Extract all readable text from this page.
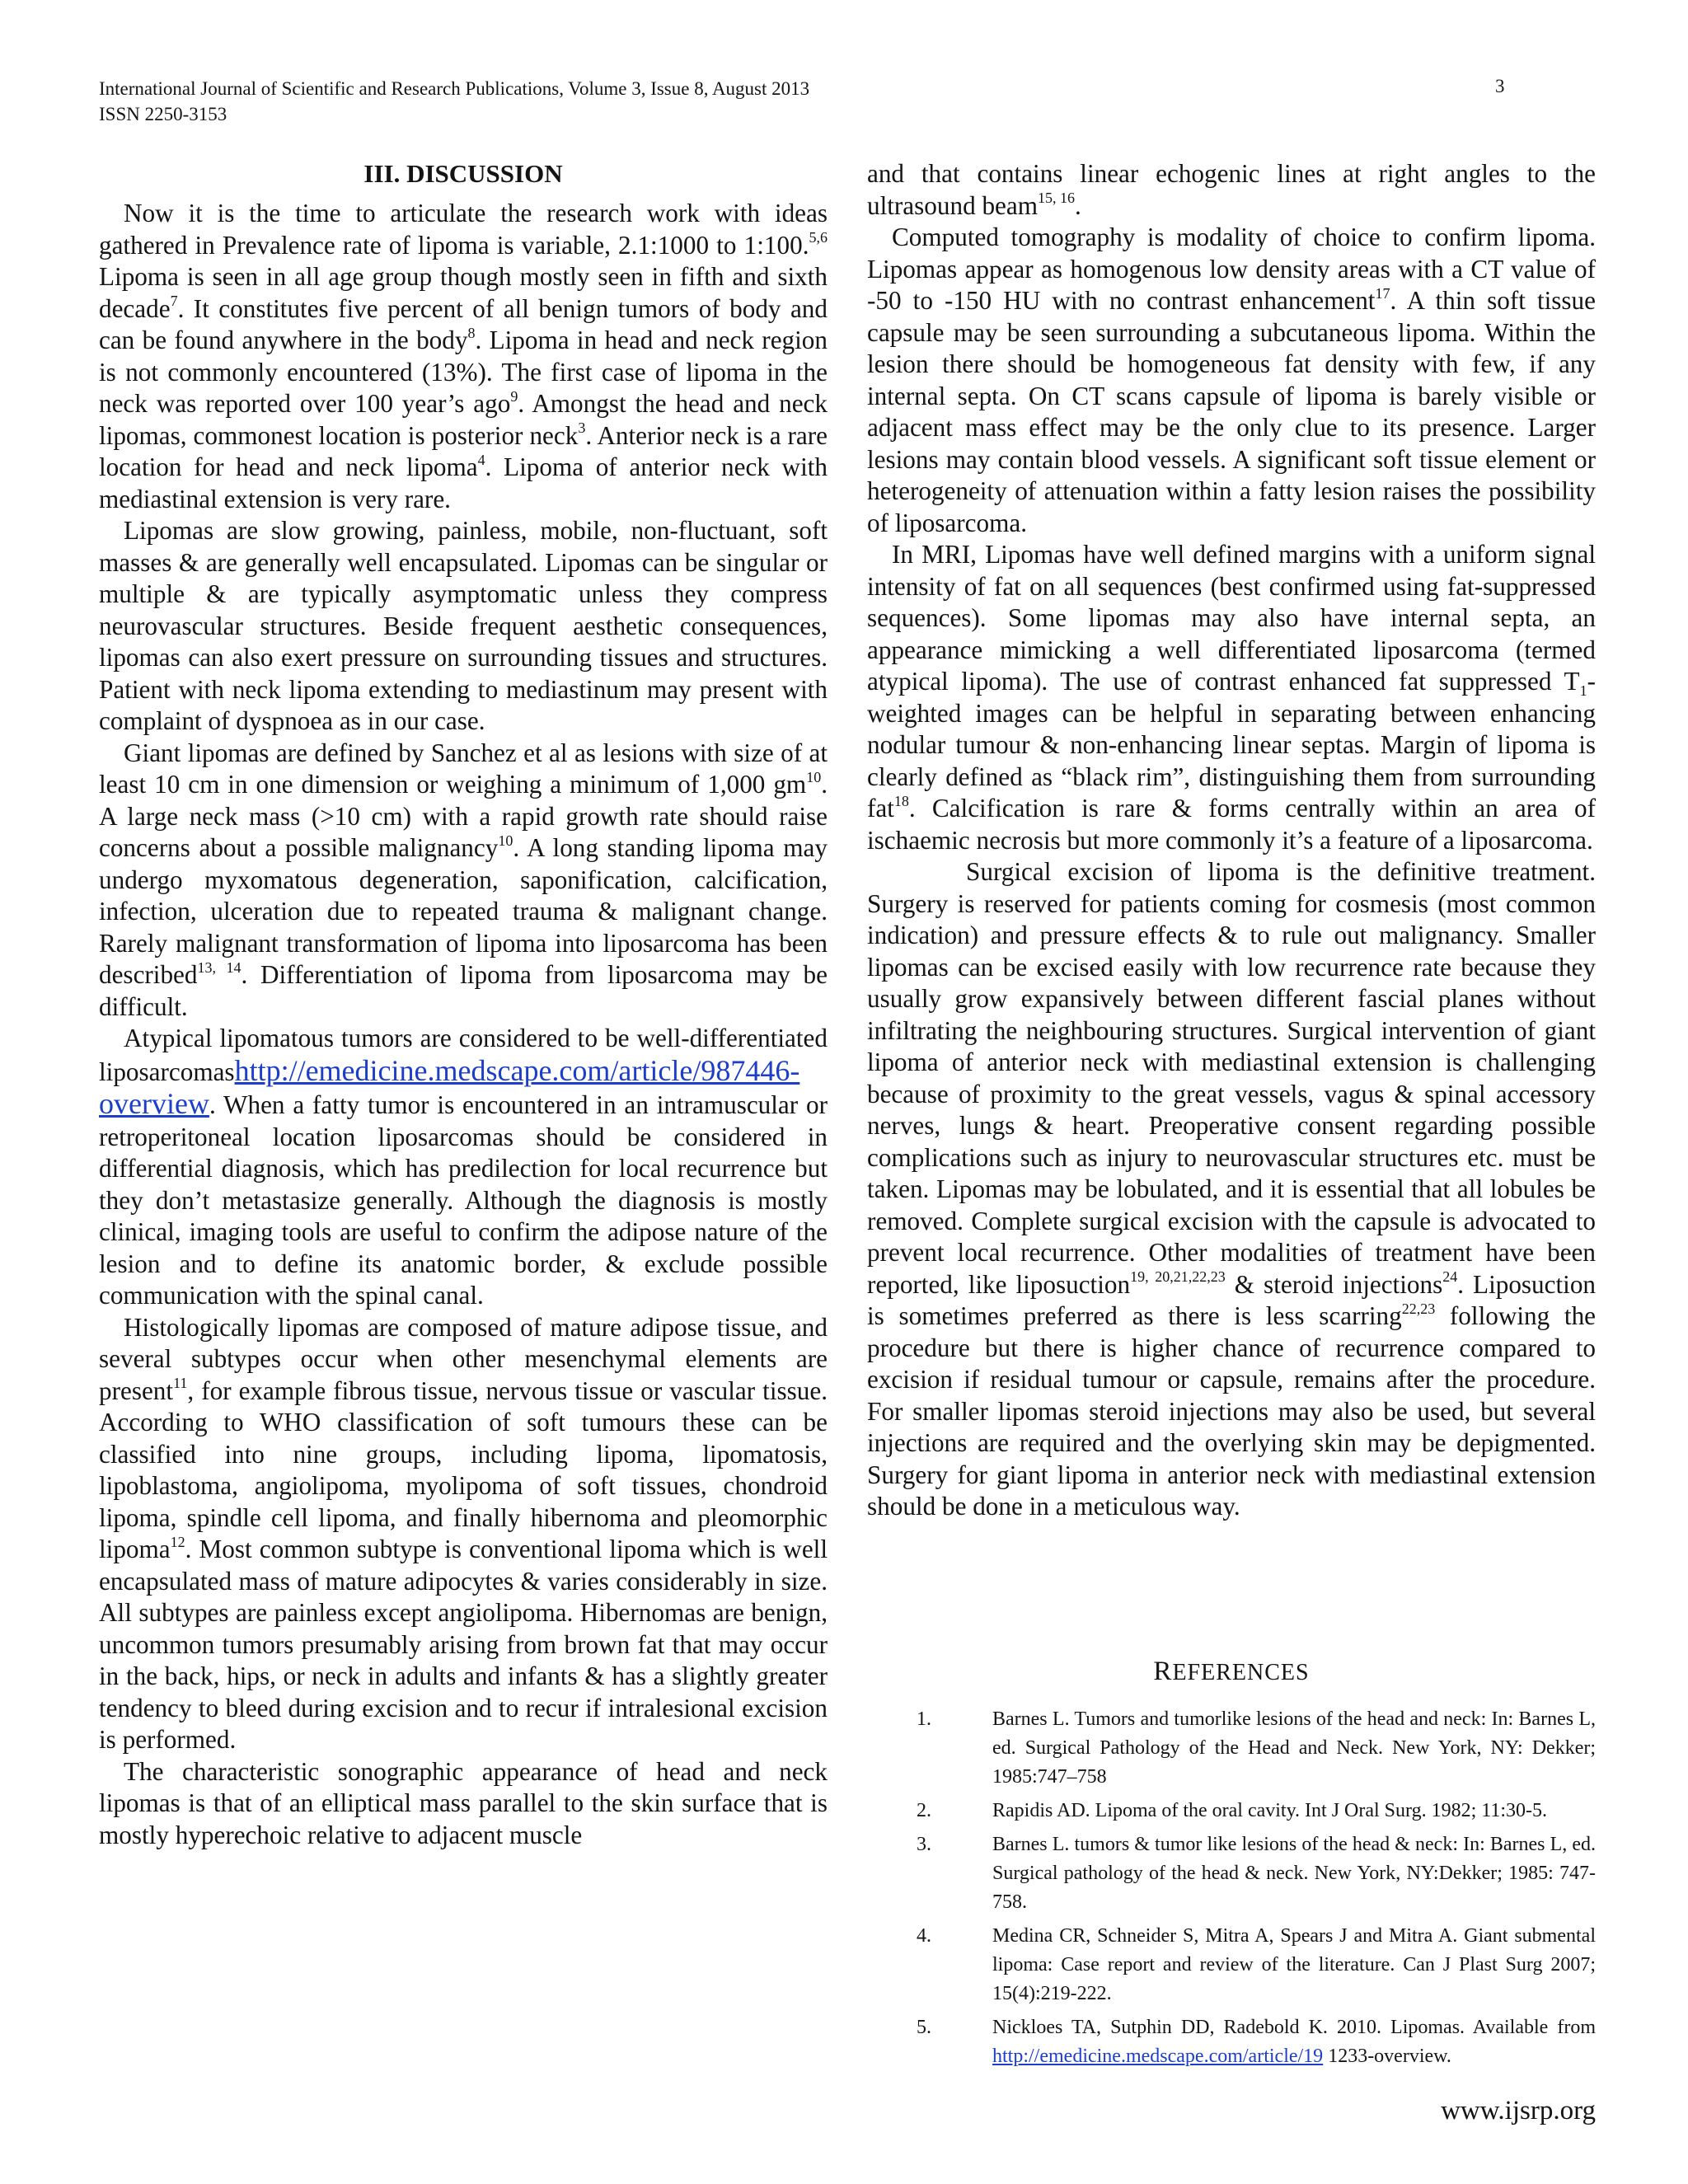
International Journal of Scientific and Research Publications, Volume 3, Issue 8, August 2013
ISSN 2250-3153
3
III. DISCUSSION

Now it is the time to articulate the research work with ideas gathered in Prevalence rate of lipoma is variable, 2.1:1000 to 1:100.$^{5,6}$ Lipoma is seen in all age group though mostly seen in fifth and sixth decade$^7$. It constitutes five percent of all benign tumors of body and can be found anywhere in the body$^8$. Lipoma in head and neck region is not commonly encountered (13%). The first case of lipoma in the neck was reported over 100 year’s ago$^9$. Amongst the head and neck lipomas, commonest location is posterior neck$^3$. Anterior neck is a rare location for head and neck lipoma$^4$. Lipoma of anterior neck with mediastinal extension is very rare.

Lipomas are slow growing, painless, mobile, non-fluctuant, soft masses & are generally well encapsulated. Lipomas can be singular or multiple & are typically asymptomatic unless they compress neurovascular structures. Beside frequent aesthetic consequences, lipomas can also exert pressure on surrounding tissues and structures. Patient with neck lipoma extending to mediastinum may present with complaint of dyspnoea as in our case.

Giant lipomas are defined by Sanchez et al as lesions with size of at least 10 cm in one dimension or weighing a minimum of 1,000 $gm^{10}$. A large neck mass (>10 cm) with a rapid growth rate should raise concerns about a possible malignancy$^{10}$. A long standing lipoma may undergo myxomatous degeneration, saponification, calcification, infection, ulceration due to repeated trauma & malignant change. Rarely malignant transformation of lipoma into liposarcoma has been described$^{13, 14}$. Differentiation of lipoma from liposarcoma may be difficult.

Atypical lipomatous tumors are considered to be well-differentiated liposarcomashttp://emedicine.medscape.com/article/987446-overview. When a fatty tumor is encountered in an intramuscular or retroperitoneal location liposarcomas should be considered in differential diagnosis, which has predilection for local recurrence but they don’t metastasize generally. Although the diagnosis is mostly clinical, imaging tools are useful to confirm the adipose nature of the lesion and to define its anatomic border, & exclude possible communication with the spinal canal.

Histologically lipomas are composed of mature adipose tissue, and several subtypes occur when other mesenchymal elements are present$^{11}$, for example fibrous tissue, nervous tissue or vascular tissue. According to WHO classification of soft tumours these can be classified into nine groups, including lipoma, lipomatosis, lipoblastoma, angiolipoma, myolipoma of soft tissues, chondroid lipoma, spindle cell lipoma, and finally hibernoma and pleomorphic lipoma$^{12}$. Most common subtype is conventional lipoma which is well encapsulated mass of mature adipocytes & varies considerably in size. All subtypes are painless except angiolipoma. Hibernomas are benign, uncommon tumors presumably arising from brown fat that may occur in the back, hips, or neck in adults and infants & has a slightly greater tendency to bleed during excision and to recur if intralesional excision is performed.

The characteristic sonographic appearance of head and neck lipomas is that of an elliptical mass parallel to the skin surface that is mostly hyperechoic relative to adjacent muscle

and that contains linear echogenic lines at right angles to the ultrasound beam$^{15, 16}$.

Computed tomography is modality of choice to confirm lipoma. Lipomas appear as homogenous low density areas with a CT value of -50 to -150 HU with no contrast enhancement$^{17}$. A thin soft tissue capsule may be seen surrounding a subcutaneous lipoma. Within the lesion there should be homogeneous fat density with few, if any internal septa. On CT scans capsule of lipoma is barely visible or adjacent mass effect may be the only clue to its presence. Larger lesions may contain blood vessels. A significant soft tissue element or heterogeneity of attenuation within a fatty lesion raises the possibility of liposarcoma.

In MRI, Lipomas have well defined margins with a uniform signal intensity of fat on all sequences (best confirmed using fat-suppressed sequences). Some lipomas may also have internal septa, an appearance mimicking a well differentiated liposarcoma (termed atypical lipoma). The use of contrast enhanced fat suppressed $T_1$-weighted images can be helpful in separating between enhancing nodular tumour & non-enhancing linear septas. Margin of lipoma is clearly defined as “black rim”, distinguishing them from surrounding fat$^{18}$. Calcification is rare & forms centrally within an area of ischaemic necrosis but more commonly it’s a feature of a liposarcoma.

Surgical excision of lipoma is the definitive treatment. Surgery is reserved for patients coming for cosmesis (most common indication) and pressure effects & to rule out malignancy. Smaller lipomas can be excised easily with low recurrence rate because they usually grow expansively between different fascial planes without infiltrating the neighbouring structures. Surgical intervention of giant lipoma of anterior neck with mediastinal extension is challenging because of proximity to the great vessels, vagus & spinal accessory nerves, lungs & heart. Preoperative consent regarding possible complications such as injury to neurovascular structures etc. must be taken. Lipomas may be lobulated, and it is essential that all lobules be removed. Complete surgical excision with the capsule is advocated to prevent local recurrence. Other modalities of treatment have been reported, like liposuction$^{19, 20,21,22,23}$ & steroid injections$^{24}$. Liposuction is sometimes preferred as there is less scarring$^{22,23}$ following the procedure but there is higher chance of recurrence compared to excision if residual tumour or capsule, remains after the procedure. For smaller lipomas steroid injections may also be used, but several injections are required and the overlying skin may be depigmented. Surgery for giant lipoma in anterior neck with mediastinal extension should be done in a meticulous way.

REFERENCES
1.	Barnes L. Tumors and tumorlike lesions of the head and neck: In: Barnes L, ed. Surgical Pathology of the Head and Neck. New York, NY: Dekker; 1985:747–758
2.	Rapidis AD. Lipoma of the oral cavity. Int J Oral Surg. 1982; 11:30-5.
3.	Barnes L. tumors & tumor like lesions of the head & neck: In: Barnes L, ed. Surgical pathology of the head & neck. New York, NY:Dekker; 1985: 747-758.
4.	Medina CR, Schneider S, Mitra A, Spears J and Mitra A. Giant submental lipoma: Case report and review of the literature. Can J Plast Surg 2007; 15(4):219-222.
5.	Nickloes TA, Sutphin DD, Radebold K. 2010. Lipomas. Available from http://emedicine.medscape.com/article/19 1233-overview.
www.ijsrp.org
